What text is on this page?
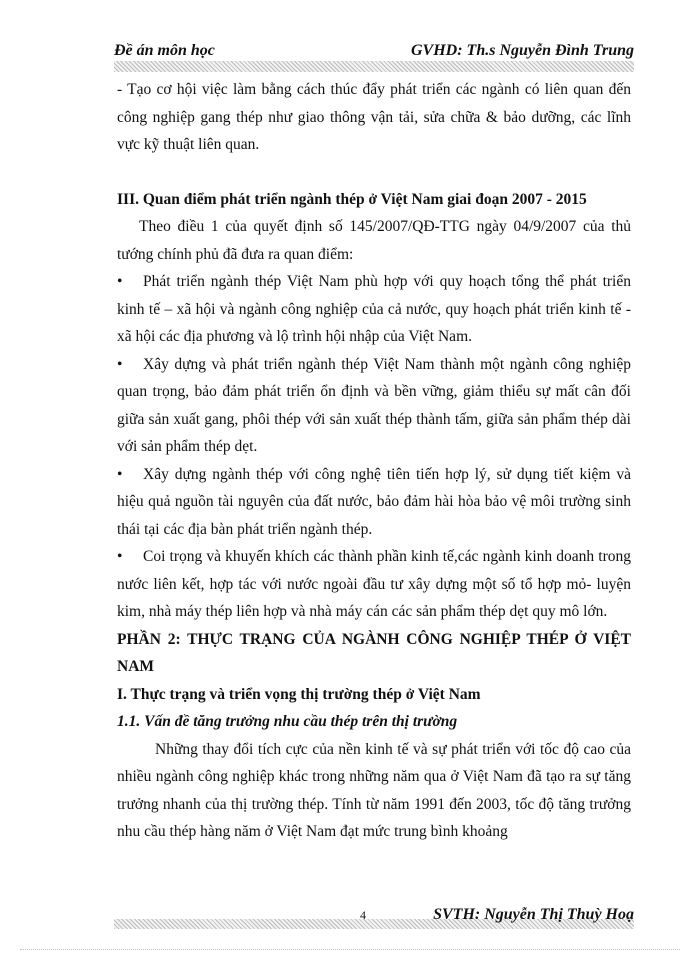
Đề án môn học	GVHD: Th.s Nguyễn Đình Trung

- Tạo cơ hội việc làm bằng cách thúc đẩy phát triển các ngành có liên quan đến công nghiệp gang thép như giao thông vận tải, sửa chữa & bảo dưỡng, các lĩnh vực kỹ thuật liên quan.

III. Quan điểm phát triển ngành thép ở Việt Nam giai đoạn 2007 - 2015

Theo điều 1 của quyết định số 145/2007/QĐ-TTG ngày 04/9/2007 của thủ tướng chính phủ đã đưa ra quan điểm:

• Phát triển ngành thép Việt Nam phù hợp với quy hoạch tổng thể phát triển kinh tế – xã hội và ngành công nghiệp của cả nước, quy hoạch phát triển kinh tế - xã hội các địa phương và lộ trình hội nhập của Việt Nam.

• Xây dựng và phát triển ngành thép Việt Nam thành một ngành công nghiệp quan trọng, bảo đảm phát triển ổn định và bền vững, giảm thiểu sự mất cân đối giữa sản xuất gang, phôi thép với sản xuất thép thành tấm, giữa sản phẩm thép dài với sản phẩm thép dẹt.

• Xây dựng ngành thép với công nghệ tiên tiến hợp lý, sử dụng tiết kiệm và hiệu quả nguồn tài nguyên của đất nước, bảo đảm hài hòa bảo vệ môi trường sinh thái tại các địa bàn phát triển ngành thép.

• Coi trọng và khuyến khích các thành phần kinh tế,các ngành kinh doanh trong nước liên kết, hợp tác với nước ngoài đầu tư xây dựng một số tổ hợp mỏ- luyện kim, nhà máy thép liên hợp và nhà máy cán các sản phẩm thép dẹt quy mô lớn.

PHẦN 2: THỰC TRẠNG CỦA NGÀNH CÔNG NGHIỆP THÉP Ở VIỆT NAM

I. Thực trạng và triển vọng thị trường thép ở Việt Nam

1.1. Vấn đề tăng trưởng nhu cầu thép trên thị trường

Những thay đổi tích cực của nền kinh tế và sự phát triển với tốc độ cao của nhiều ngành công nghiệp khác trong những năm qua ở Việt Nam đã tạo ra sự tăng trưởng nhanh của thị trường thép. Tính từ năm 1991 đến 2003, tốc độ tăng trưởng nhu cầu thép hàng năm ở Việt Nam đạt mức trung bình khoảng

4	SVTH: Nguyễn Thị Thuỳ Hoạ
